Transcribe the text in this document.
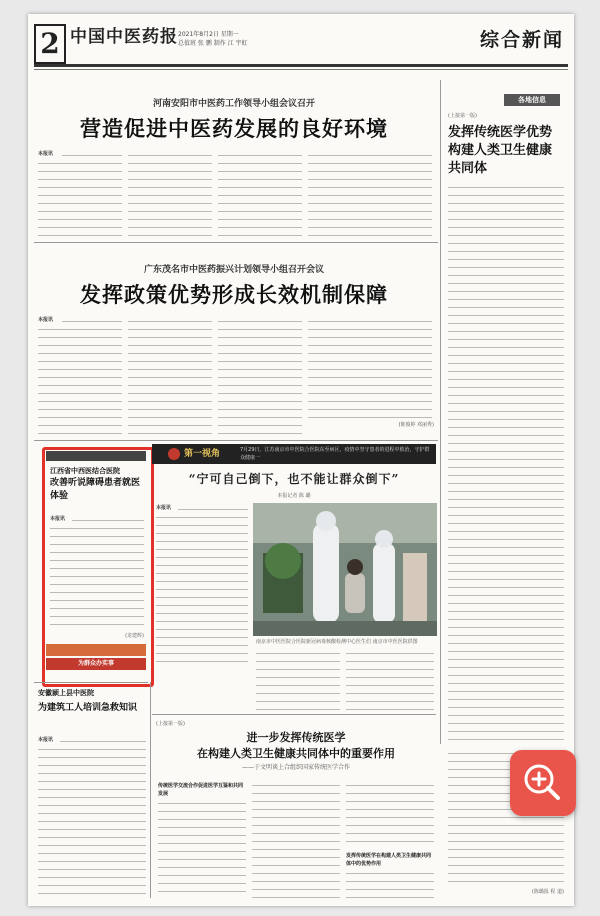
2 中国中医药报 2021年8月2日 星期一
总值班 张 鹏 制作 江 宇虹	综合新闻
河南安阳市中医药工作领导小组会议召开
营造促进中医药发展的良好环境
本报讯
广东茂名市中医药振兴计划领导小组召开会议
发挥政策优势形成长效机制保障
本报讯
(陈俊婷 邓丽秀)
各地信息
(上接第一版)
发挥传统医学优势构建人类卫生健康共同体
江西省中西医结合医院
改善听说障碍患者就医体验
本报讯
(龙建辉)
为群众办实事
第一视角	7月29日，江苏南京市中医院合医院东至病区，疫情中坚守患者的进程中救治，守护群众健康一
“宁可自己倒下，也不能让群众倒下”
本报记者 陈 璐
本报讯
南京市中医医院合医院新冠病毒核酸检测中心医生们 南京市中医医院供图
安徽颍上县中医院
为建筑工人培训急救知识
本报讯
(上接第一版)
进一步发挥传统医学
在构建人类卫生健康共同体中的重要作用
——于文明谈上合组织国家传统医学合作
传统医学交流合作促进医学互鉴和共同发展
发挥传统医学在构建人类卫生健康共同体中的优势作用
(陈璐报 程 道)
